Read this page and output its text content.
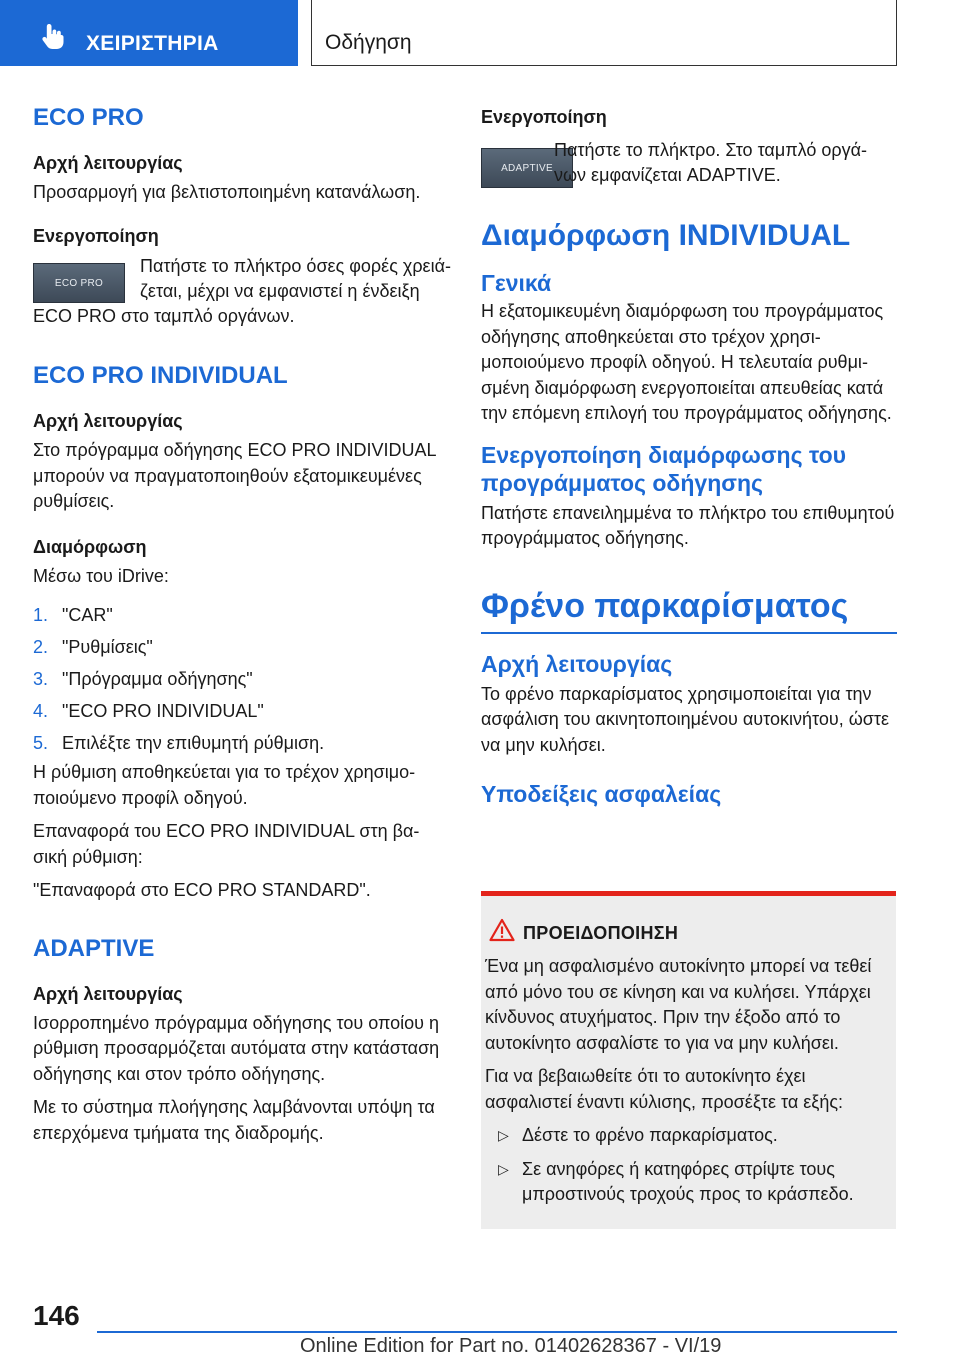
ΧΕΙΡΙΣΤΗΡΙΑ	Οδήγηση
ECO PRO
Αρχή λειτουργίας
Προσαρμογή για βελτιστοποιημένη κατανάλωση.
Ενεργοποίηση
ECO PRO
Πατήστε το πλήκτρο όσες φορές χρειά-
ζεται, μέχρι να εμφανιστεί η ένδειξη
ECO PRO στο ταμπλό οργάνων.
ECO PRO INDIVIDUAL
Αρχή λειτουργίας
Στο πρόγραμμα οδήγησης ECO PRO INDIVIDUAL μπορούν να πραγματοποιηθούν εξατομικευμένες ρυθμίσεις.
Διαμόρφωση
Μέσω του iDrive:
1. "CAR"
2. "Ρυθμίσεις"
3. "Πρόγραμμα οδήγησης"
4. "ECO PRO INDIVIDUAL"
5. Επιλέξτε την επιθυμητή ρύθμιση.
Η ρύθμιση αποθηκεύεται για το τρέχον χρησιμοποιούμενο προφίλ οδηγού.
Επαναφορά του ECO PRO INDIVIDUAL στη βασική ρύθμιση:
"Επαναφορά στο ECO PRO STANDARD".
ADAPTIVE
Αρχή λειτουργίας
Ισορροπημένο πρόγραμμα οδήγησης του οποίου η ρύθμιση προσαρμόζεται αυτόματα στην κατάσταση οδήγησης και στον τρόπο οδήγησης.
Με το σύστημα πλοήγησης λαμβάνονται υπόψη τα επερχόμενα τμήματα της διαδρομής.
Ενεργοποίηση
ADAPTIVE
Πατήστε το πλήκτρο. Στο ταμπλό οργά-
νων εμφανίζεται ADAPTIVE.
Διαμόρφωση INDIVIDUAL
Γενικά
Η εξατομικευμένη διαμόρφωση του προγράμματος οδήγησης αποθηκεύεται στο τρέχον χρησιμοποιούμενο προφίλ οδηγού. Η τελευταία ρυθμισμένη διαμόρφωση ενεργοποιείται απευθείας κατά την επόμενη επιλογή του προγράμματος οδήγησης.
Ενεργοποίηση διαμόρφωσης του προγράμματος οδήγησης
Πατήστε επανειλημμένα το πλήκτρο του επιθυμητού προγράμματος οδήγησης.
Φρένο παρκαρίσματος
Αρχή λειτουργίας
Το φρένο παρκαρίσματος χρησιμοποιείται για την ασφάλιση του ακινητοποιημένου αυτοκινήτου, ώστε να μην κυλήσει.
Υποδείξεις ασφαλείας
ΠΡΟΕΙΔΟΠΟΙΗΣΗ
Ένα μη ασφαλισμένο αυτοκίνητο μπορεί να τεθεί από μόνο του σε κίνηση και να κυλήσει. Υπάρχει κίνδυνος ατυχήματος. Πριν την έξοδο από το αυτοκίνητο ασφαλίστε το για να μην κυλήσει.
Για να βεβαιωθείτε ότι το αυτοκίνητο έχει ασφαλιστεί έναντι κύλισης, προσέξτε τα εξής:
▷ Δέστε το φρένο παρκαρίσματος.
▷ Σε ανηφόρες ή κατηφόρες στρίψτε τους μπροστινούς τροχούς προς το κράσπεδο.
146
Online Edition for Part no. 01402628367 - VI/19
